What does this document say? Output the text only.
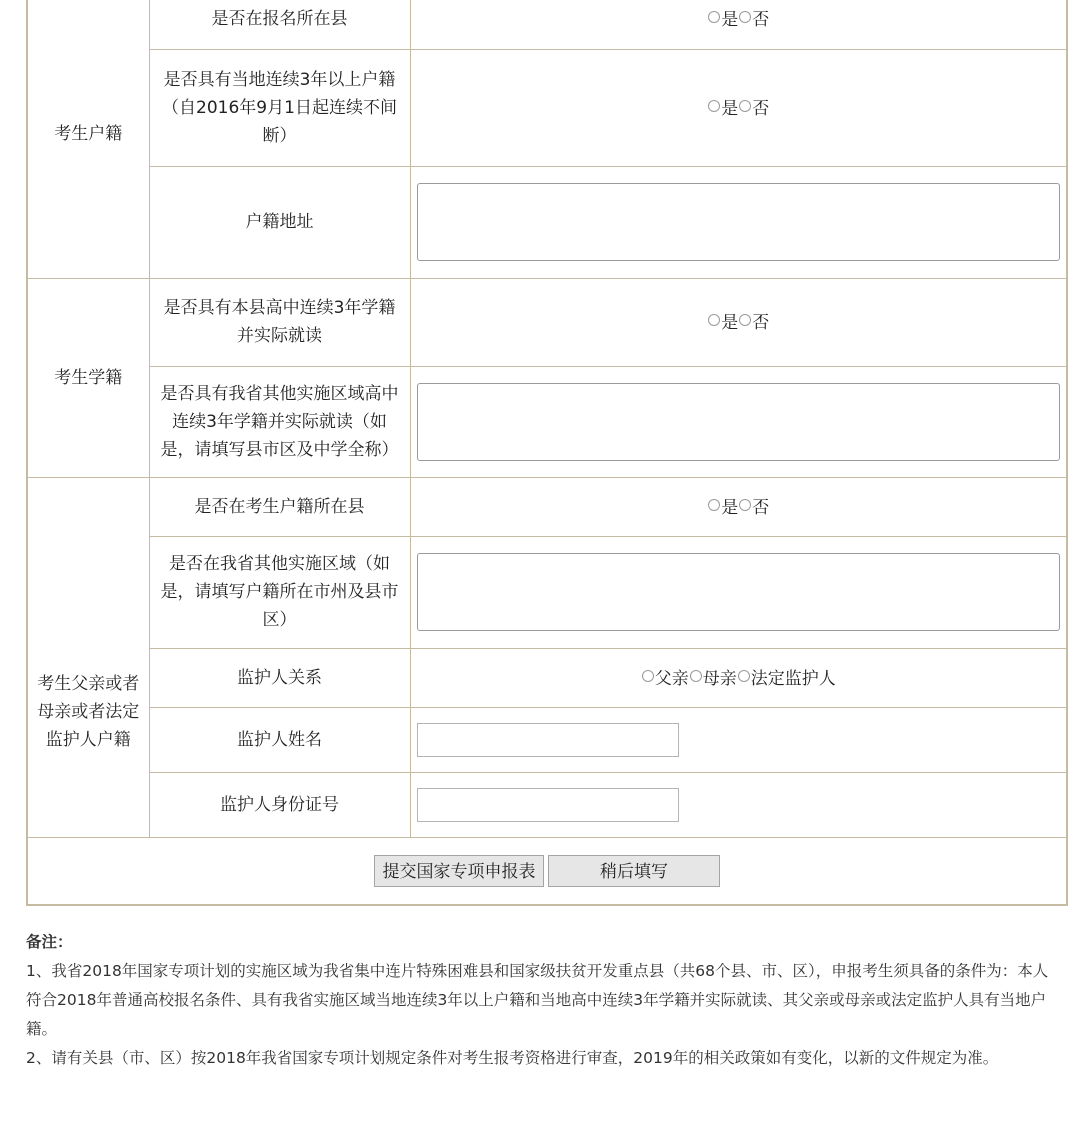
考生户籍	是否在报名所在县	是 否

	是否具有当地连续3年以上户籍（自2016年9月1日起连续不间断）	是 否

	户籍地址	

考生学籍	是否具有本县高中连续3年学籍并实际就读	是 否

	是否具有我省其他实施区域高中连续3年学籍并实际就读（如是，请填写县市区及中学全称）	

考生父亲或者母亲或者法定监护人户籍	是否在考生户籍所在县	是 否

	是否在我省其他实施区域（如是，请填写户籍所在市州及县市区）	

	监护人关系	父亲 母亲 法定监护人

	监护人姓名	

	监护人身份证号	

提交国家专项申报表 稍后填写		
备注：

1、我省2018年国家专项计划的实施区域为我省集中连片特殊困难县和国家级扶贫开发重点县（共68个县、市、区），申报考生须具备的条件为：本人符合2018年普通高校报名条件、具有我省实施区域当地连续3年以上户籍和当地高中连续3年学籍并实际就读、其父亲或母亲或法定监护人具有当地户籍。

2、请有关县（市、区）按2018年我省国家专项计划规定条件对考生报考资格进行审查，2019年的相关政策如有变化，以新的文件规定为准。
